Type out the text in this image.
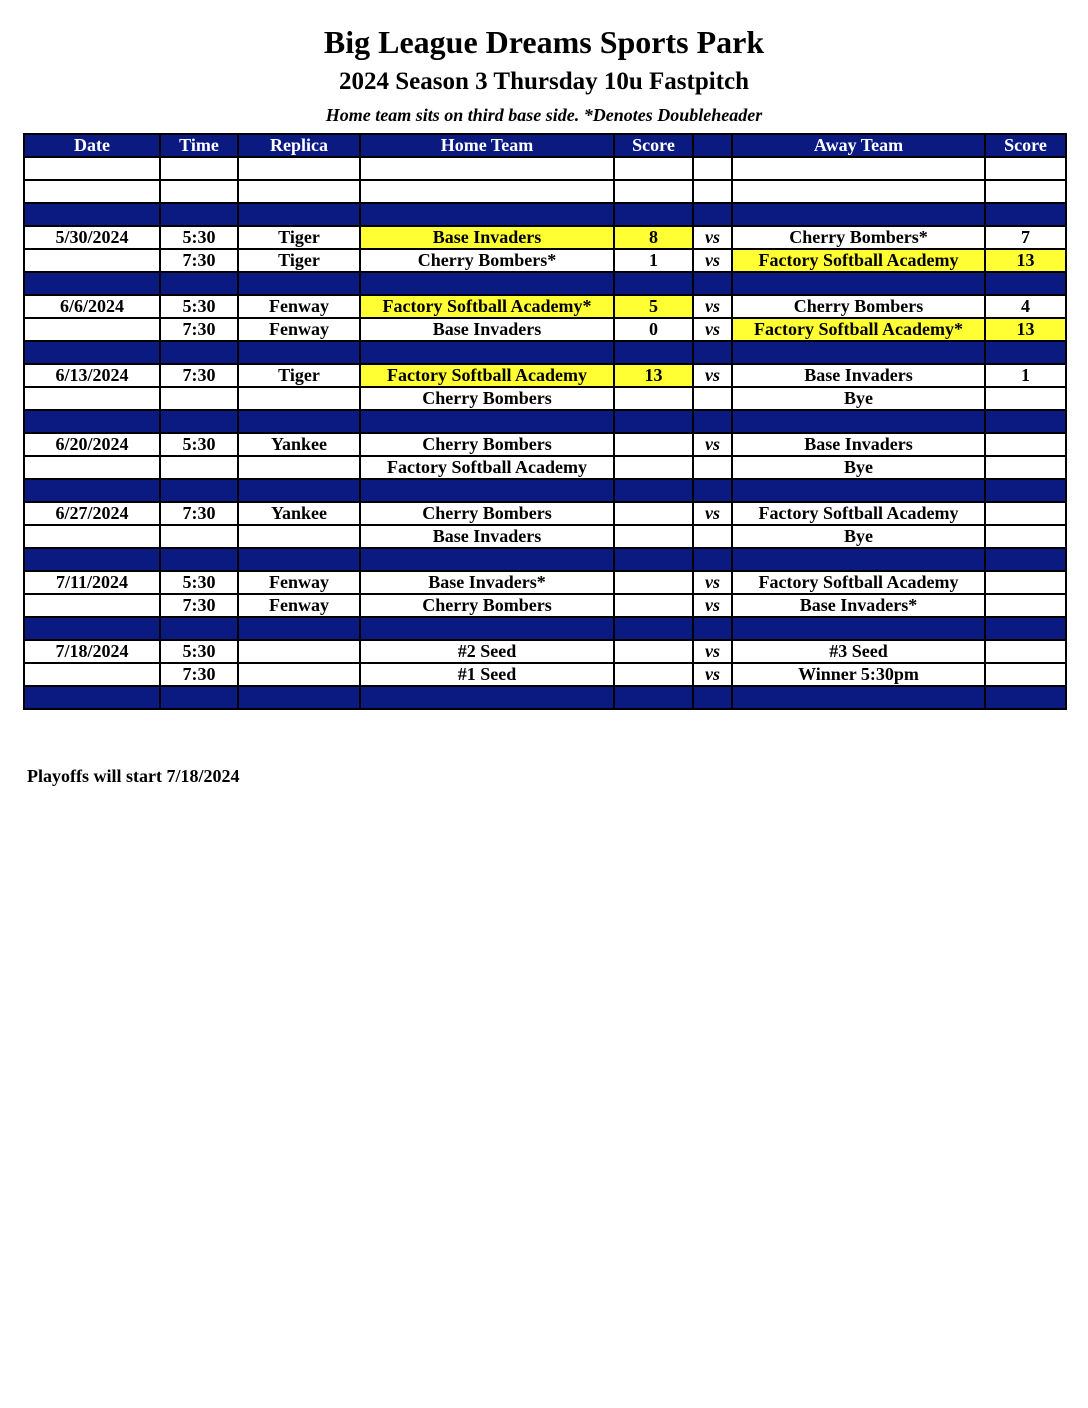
Big League Dreams Sports Park
2024 Season 3 Thursday 10u Fastpitch
Home team sits on third base side. *Denotes Doubleheader
Date	Time	Replica	Home Team	Score		Away Team	Score

5/30/2024	5:30	Tiger	Base Invaders	8	vs	Cherry Bombers*	7
	7:30	Tiger	Cherry Bombers*	1	vs	Factory Softball Academy	13

6/6/2024	5:30	Fenway	Factory Softball Academy*	5	vs	Cherry Bombers	4
	7:30	Fenway	Base Invaders	0	vs	Factory Softball Academy*	13

6/13/2024	7:30	Tiger	Factory Softball Academy	13	vs	Base Invaders	1
			Cherry Bombers			Bye	

6/20/2024	5:30	Yankee	Cherry Bombers		vs	Base Invaders	
			Factory Softball Academy			Bye	

6/27/2024	7:30	Yankee	Cherry Bombers		vs	Factory Softball Academy	
			Base Invaders			Bye	

7/11/2024	5:30	Fenway	Base Invaders*		vs	Factory Softball Academy	
	7:30	Fenway	Cherry Bombers		vs	Base Invaders*	

7/18/2024	5:30		#2 Seed		vs	#3 Seed	
	7:30		#1 Seed		vs	Winner 5:30pm	

Playoffs will start 7/18/2024
